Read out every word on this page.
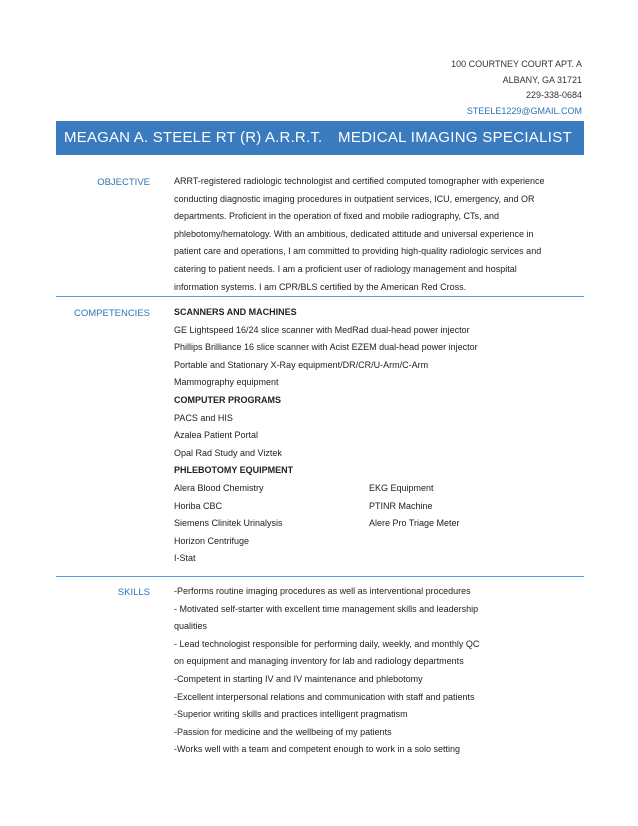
100 COURTNEY COURT APT. A
ALBANY, GA 31721
229-338-0684
STEELE1229@GMAIL.COM
MEAGAN A. STEELE RT (R) A.R.R.T. MEDICAL IMAGING SPECIALIST
OBJECTIVE	ARRT-registered radiologic technologist and certified computed tomographer with experience

conducting diagnostic imaging procedures in outpatient services, ICU, emergency, and OR

departments. Proficient in the operation of fixed and mobile radiography, CTs, and

phlebotomy/hematology. With an ambitious, dedicated attitude and universal experience in

patient care and operations, I am committed to providing high-quality radiologic services and

catering to patient needs. I am a proficient user of radiology management and hospital

information systems. I am CPR/BLS certified by the American Red Cross.

COMPETENCIES	SCANNERS AND MACHINES

GE Lightspeed 16/24 slice scanner with MedRad dual-head power injector

Phillips Brilliance 16 slice scanner with Acist EZEM dual-head power injector

Portable and Stationary X-Ray equipment/DR/CR/U-Arm/C-Arm

Mammography equipment

COMPUTER PROGRAMS

PACS and HIS

Azalea Patient Portal

Opal Rad Study and Viztek

PHLEBOTOMY EQUIPMENT

Alera Blood Chemistry	EKG Equipment
Horiba CBC	PTINR Machine
Siemens Clinitek Urinalysis	Alere Pro Triage Meter
Horizon Centrifuge
I-Stat
SKILLS	-Performs routine imaging procedures as well as interventional procedures

- Motivated self-starter with excellent time management skills and leadership

qualities

- Lead technologist responsible for performing daily, weekly, and monthly QC

on equipment and managing inventory for lab and radiology departments

-Competent in starting IV and IV maintenance and phlebotomy

-Excellent interpersonal relations and communication with staff and patients

-Superior writing skills and practices intelligent pragmatism

-Passion for medicine and the wellbeing of my patients

-Works well with a team and competent enough to work in a solo setting
